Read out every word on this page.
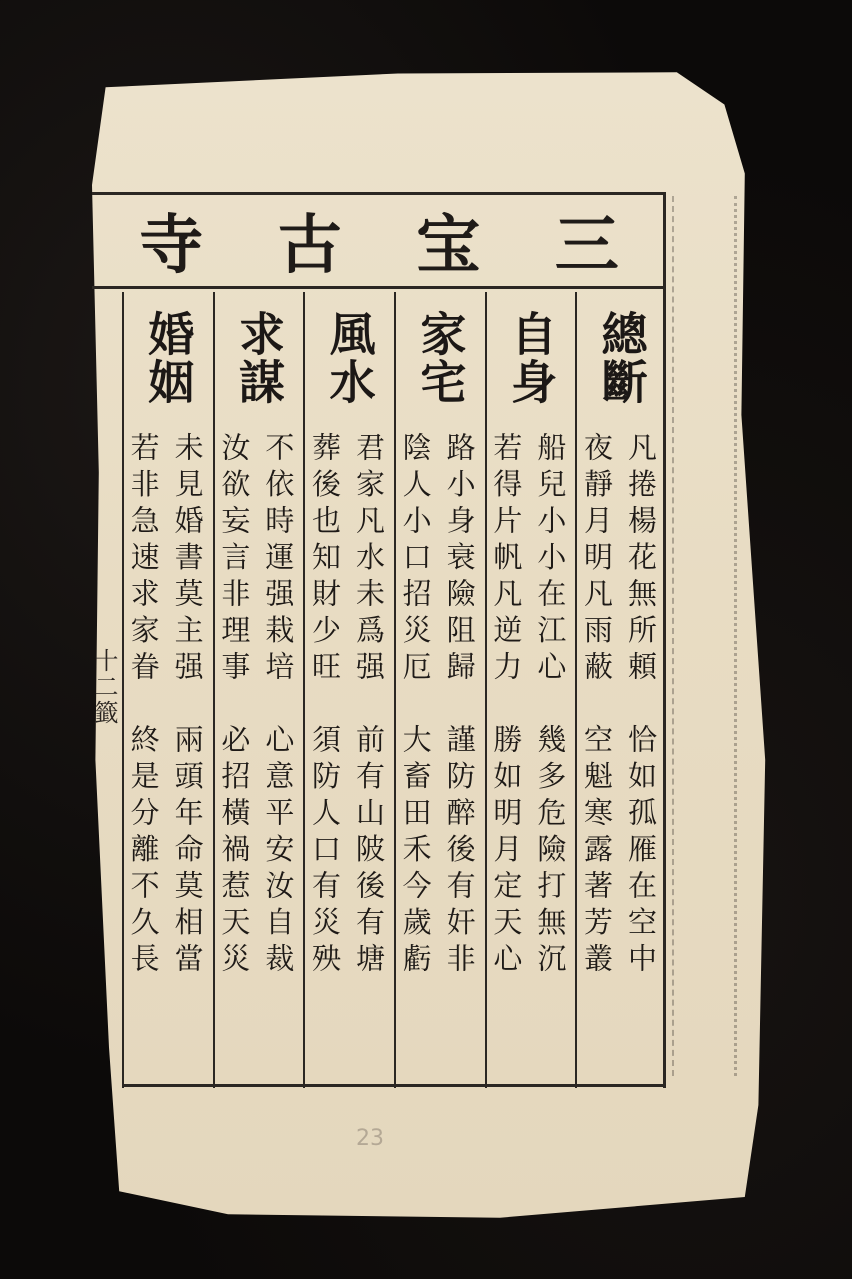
三
宝
古
寺
十二籤
總斷
凡捲楊花無所頼　恰如孤雁在空中
夜靜月明凡雨蔽　空魁寒露著芳叢
自身
船兒小小在江心　幾多危險打無沉
若得片帆凡逆力　勝如明月定天心
家宅
路小身衰險阻歸　謹防醉後有奸非
陰人小口招災厄　大畜田禾今歲虧
風水
君家凡水未爲强　前有山陂後有塘
葬後也知財少旺　須防人口有災殃
求謀
不依時運强栽培　心意平安汝自裁
汝欲妄言非理事　必招橫禍惹天災
婚姻
未見婚書莫主强　兩頭年命莫相當
若非急速求家眷　終是分離不久長
23
